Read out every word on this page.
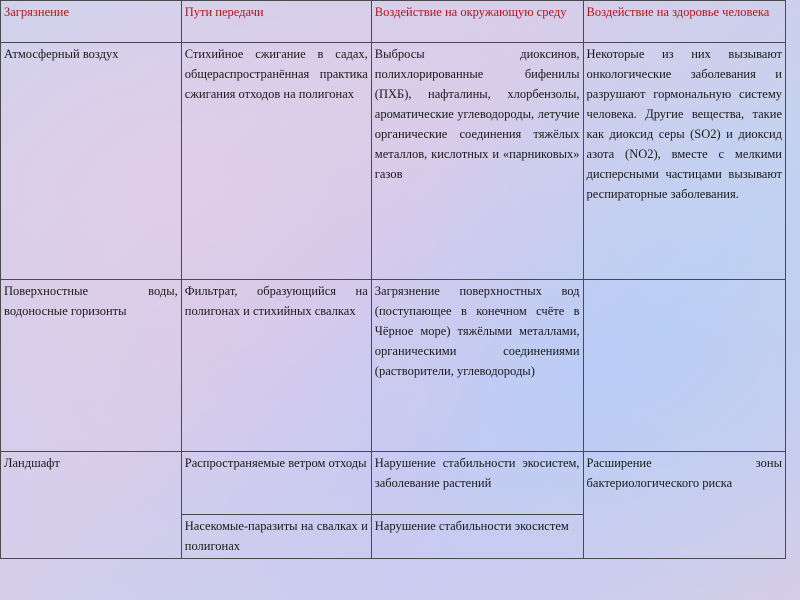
Загрязнение	Пути передачи	Воздействие на окружающую среду	Воздействие на здоровье человека
Атмосферный воздух	Стихийное сжигание в садах, общераспространённая практика сжигания отходов на полигонах	Выбросы диоксинов, полихлорированные бифенилы (ПХБ), нафталины, хлорбензолы, ароматические углеводороды, летучие органические соединения тяжёлых металлов, кислотных и «парниковых» газов	Некоторые из них вызывают онкологические заболевания и разрушают гормональную систему человека. Другие вещества, такие как диоксид серы (SO2) и диоксид азота (NO2), вместе с мелкими дисперсными частицами вызывают респираторные заболевания.
Поверхностные воды, водоносные горизонты	Фильтрат, образующийся на полигонах и стихийных свалках	Загрязнение поверхностных вод (поступающее в конечном счёте в Чёрное море) тяжёлыми металлами, органическими соединениями (растворители, углеводороды)	
Ландшафт	Распространяемые ветром отходы	Нарушение стабильности экосистем, заболевание растений	Расширение зоны бактериологического риска
	Насекомые-паразиты на свалках и полигонах	Нарушение стабильности экосистем	
